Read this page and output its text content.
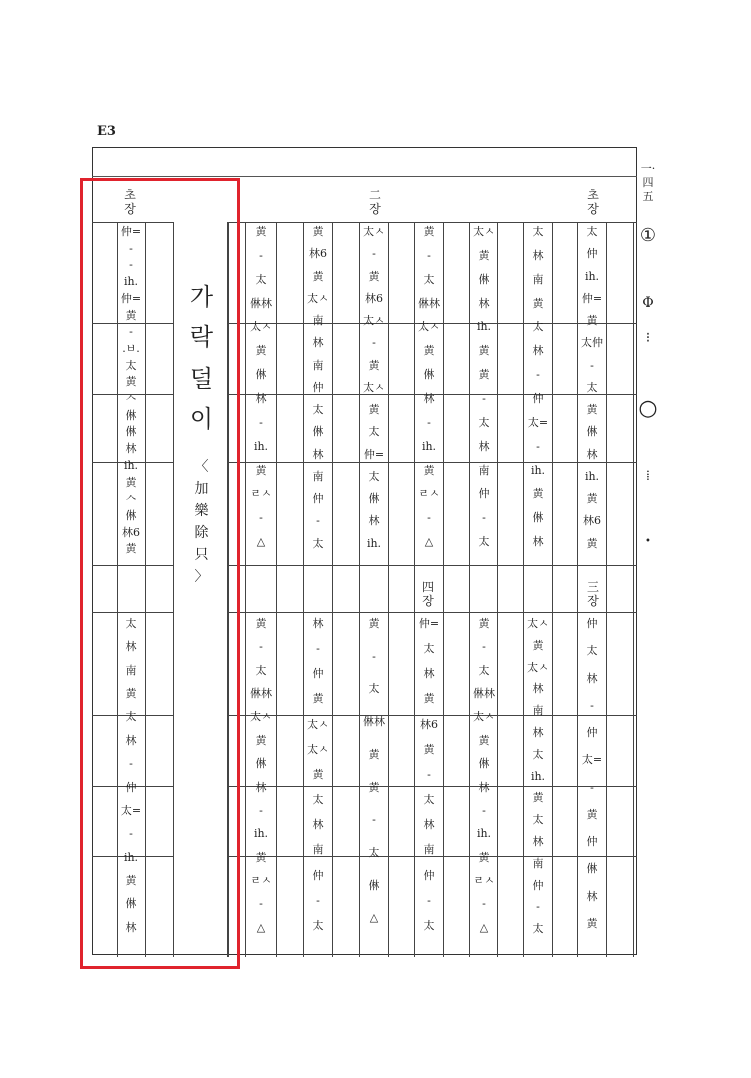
E3
초장
二장
초장
四장
三장
一·四五
가
락
덜
이
〈
加
樂
除
只
〉
①
Φ
⁝
○
⁞
•
仲=
-
-
ih.
仲=
黄
-
.ㅂ.
太
黄
𠆢
㑣
㑣
林
ih.
黄
𠆢
㑣
林6
黄
太
林
南
黄
太
林
-
仲
太=
-
ih.
黄
㑣
林
黄
-
太
㑣林
太ㅅ
黄
㑣
林
-
ih.
黄
ㄹㅅ
-
△
黄
林6
黄
太ㅅ
南
林
南
仲
太
㑣
林
南
仲
-
太
太ㅅ
-
黄
林6
太ㅅ
-
黄
太ㅅ
黄
太
仲=
太
㑣
林
ih.
黄
-
太
㑣林
太ㅅ
黄
㑣
林
-
ih.
黄
ㄹㅅ
-
△
太ㅅ
黄
㑣
林
ih.
黄
黄
-
太
林
南
仲
-
太
太
林
南
黄
太
林
-
仲
太=
-
ih.
黄
㑣
林
太
仲
ih.
仲=
黄
太仲
-
太
黄
㑣
林
ih.
黄
林6
黄
黄
-
太
㑣林
太ㅅ
黄
㑣
林
-
ih.
黄
ㄹㅅ
-
△
林
-
仲
黄
太ㅅ
太ㅅ
黄
太
林
南
仲
-
太
黄
-
太
㑣林
黄
黄
-
太
㑣
△
仲=
太
林
黄
林6
黄
-
太
林
南
仲
-
太
黄
-
太
㑣林
太ㅅ
黄
㑣
林
-
ih.
黄
ㄹㅅ
-
△
太ㅅ
黄
太ㅅ
林
南
林
太
ih.
黄
太
林
南
仲
-
太
仲
太
林
-
仲
太=
-
黄
仲
㑣
林
黄
